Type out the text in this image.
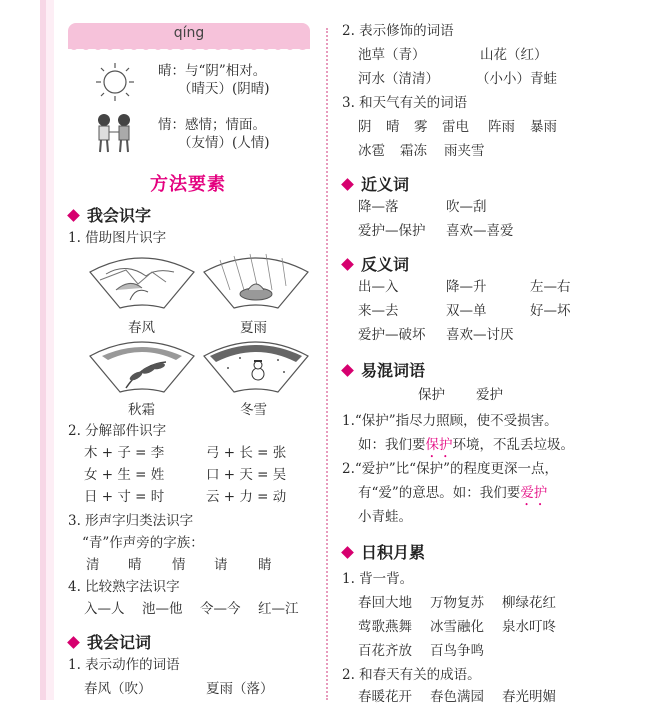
qíng
晴：与“阴”相对。
（晴天）(阴晴)
情：感情；情面。
（友情）(人情)
方法要素
我会识字
1. 借助图片识字
春风	夏雨
秋霜	冬雪
2. 分解部件识字
木 + 子 = 李	弓 + 长 = 张
女 + 生 = 姓	口 + 天 = 吴
日 + 寸 = 时	云 + 力 = 动
3. 形声字归类法识字
“青”作声旁的字族：
清 晴 情 请 睛
4. 比较熟字法识字
入—人 池—他 令—今 红—江
我会记词
1. 表示动作的词语
春风（吹）	夏雨（落）
2. 表示修饰的词语
池草（青）	山花（红）
河水（清清）	（小小）青蛙
3. 和天气有关的词语
阴 晴 雾 雷电 阵雨 暴雨
冰雹 霜冻 雨夹雪
近义词
降—落	吹—刮
爱护—保护 喜欢—喜爱
反义词
出—入	降—升	左—右
来—去	双—单	好—坏
爱护—破坏 喜欢—讨厌
易混词语
保护 爱护
1.“保护”指尽力照顾，使不受损害。
如：我们要保护环境，不乱丢垃圾。
2.“爱护”比“保护”的程度更深一点，
有“爱”的意思。如：我们要爱护
小青蛙。
日积月累
1. 背一背。
春回大地 万物复苏 柳绿花红
莺歌燕舞 冰雪融化 泉水叮咚
百花齐放 百鸟争鸣
2. 和春天有关的成语。
春暖花开 春色满园 春光明媚
